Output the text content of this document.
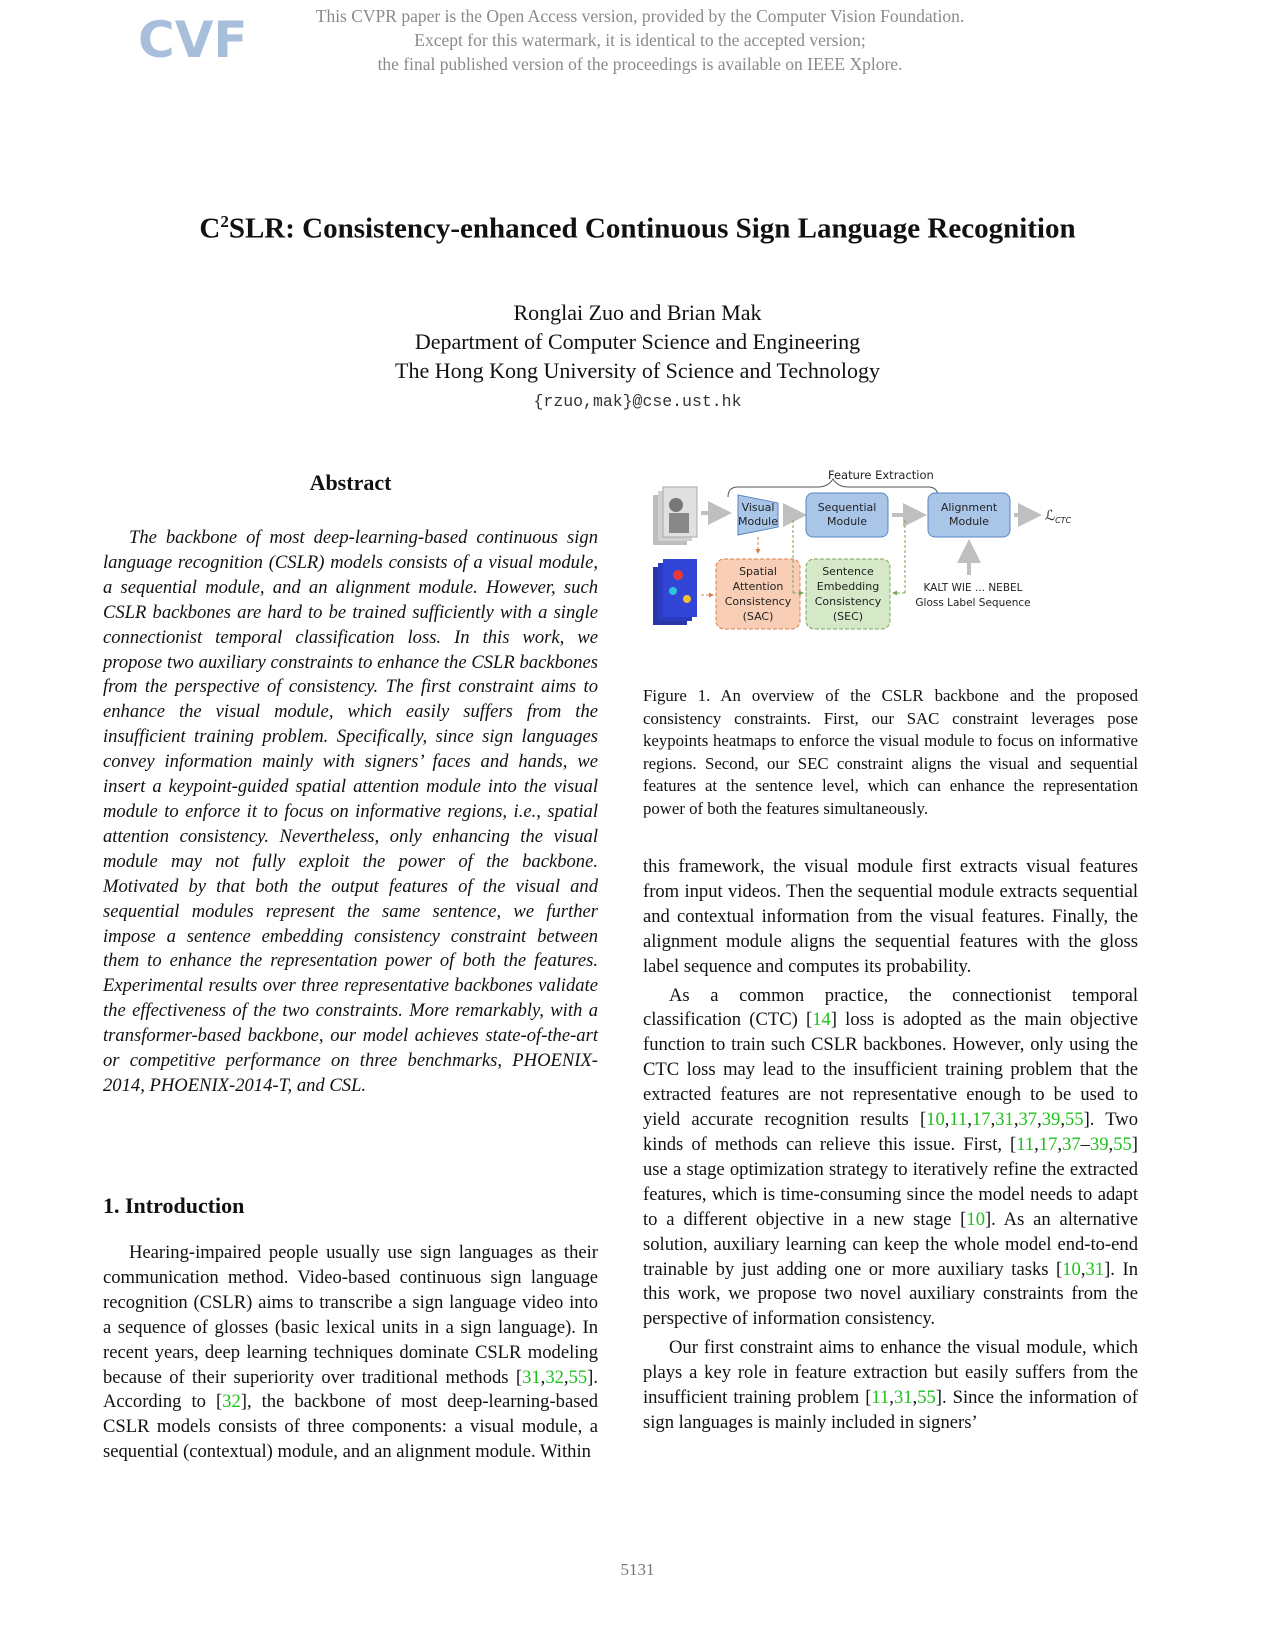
CVF	This CVPR paper is the Open Access version, provided by the Computer Vision Foundation.
Except for this watermark, it is identical to the accepted version;
the final published version of the proceedings is available on IEEE Xplore.
$C^2SLR$: Consistency-enhanced Continuous Sign Language Recognition
Ronglai Zuo and Brian Mak
Department of Computer Science and Engineering
The Hong Kong University of Science and Technology
{rzuo,mak}@cse.ust.hk
Abstract
The backbone of most deep-learning-based continuous sign language recognition (CSLR) models consists of a visual module, a sequential module, and an alignment module. However, such CSLR backbones are hard to be trained sufficiently with a single connectionist temporal classification loss. In this work, we propose two auxiliary constraints to enhance the CSLR backbones from the perspective of consistency. The first constraint aims to enhance the visual module, which easily suffers from the insufficient training problem. Specifically, since sign languages convey information mainly with signers’ faces and hands, we insert a keypoint-guided spatial attention module into the visual module to enforce it to focus on informative regions, i.e., spatial attention consistency. Nevertheless, only enhancing the visual module may not fully exploit the power of the backbone. Motivated by that both the output features of the visual and sequential modules represent the same sentence, we further impose a sentence embedding consistency constraint between them to enhance the representation power of both the features. Experimental results over three representative backbones validate the effectiveness of the two constraints. More remarkably, with a transformer-based backbone, our model achieves state-of-the-art or competitive performance on three benchmarks, PHOENIX-2014, PHOENIX-2014-T, and CSL.
1. Introduction
Hearing-impaired people usually use sign languages as their communication method. Video-based continuous sign language recognition (CSLR) aims to transcribe a sign language video into a sequence of glosses (basic lexical units in a sign language). In recent years, deep learning techniques dominate CSLR modeling because of their superiority over traditional methods [31,32,55]. According to [32], the backbone of most deep-learning-based CSLR models consists of three components: a visual module, a sequential (contextual) module, and an alignment module. Within
Feature Extraction
Visual
Module
Sequential
Module
Alignment
Module	ℒ$_{CTC}$
Spatial
Attention
Consistency
(SAC)
Sentence
Embedding
Consistency
(SEC)
KALT WIE ... NEBEL
Gloss Label Sequence
Figure 1. An overview of the CSLR backbone and the proposed consistency constraints. First, our SAC constraint leverages pose keypoints heatmaps to enforce the visual module to focus on informative regions. Second, our SEC constraint aligns the visual and sequential features at the sentence level, which can enhance the representation power of both the features simultaneously.

this framework, the visual module first extracts visual features from input videos. Then the sequential module extracts sequential and contextual information from the visual features. Finally, the alignment module aligns the sequential features with the gloss label sequence and computes its probability.

As a common practice, the connectionist temporal classification (CTC) [14] loss is adopted as the main objective function to train such CSLR backbones. However, only using the CTC loss may lead to the insufficient training problem that the extracted features are not representative enough to be used to yield accurate recognition results [10,11,17,31,37,39,55]. Two kinds of methods can relieve this issue. First, [11,17,37–39,55] use a stage optimization strategy to iteratively refine the extracted features, which is time-consuming since the model needs to adapt to a different objective in a new stage [10]. As an alternative solution, auxiliary learning can keep the whole model end-to-end trainable by just adding one or more auxiliary tasks [10,31]. In this work, we propose two novel auxiliary constraints from the perspective of information consistency.

Our first constraint aims to enhance the visual module, which plays a key role in feature extraction but easily suffers from the insufficient training problem [11,31,55]. Since the information of sign languages is mainly included in signers’

5131
